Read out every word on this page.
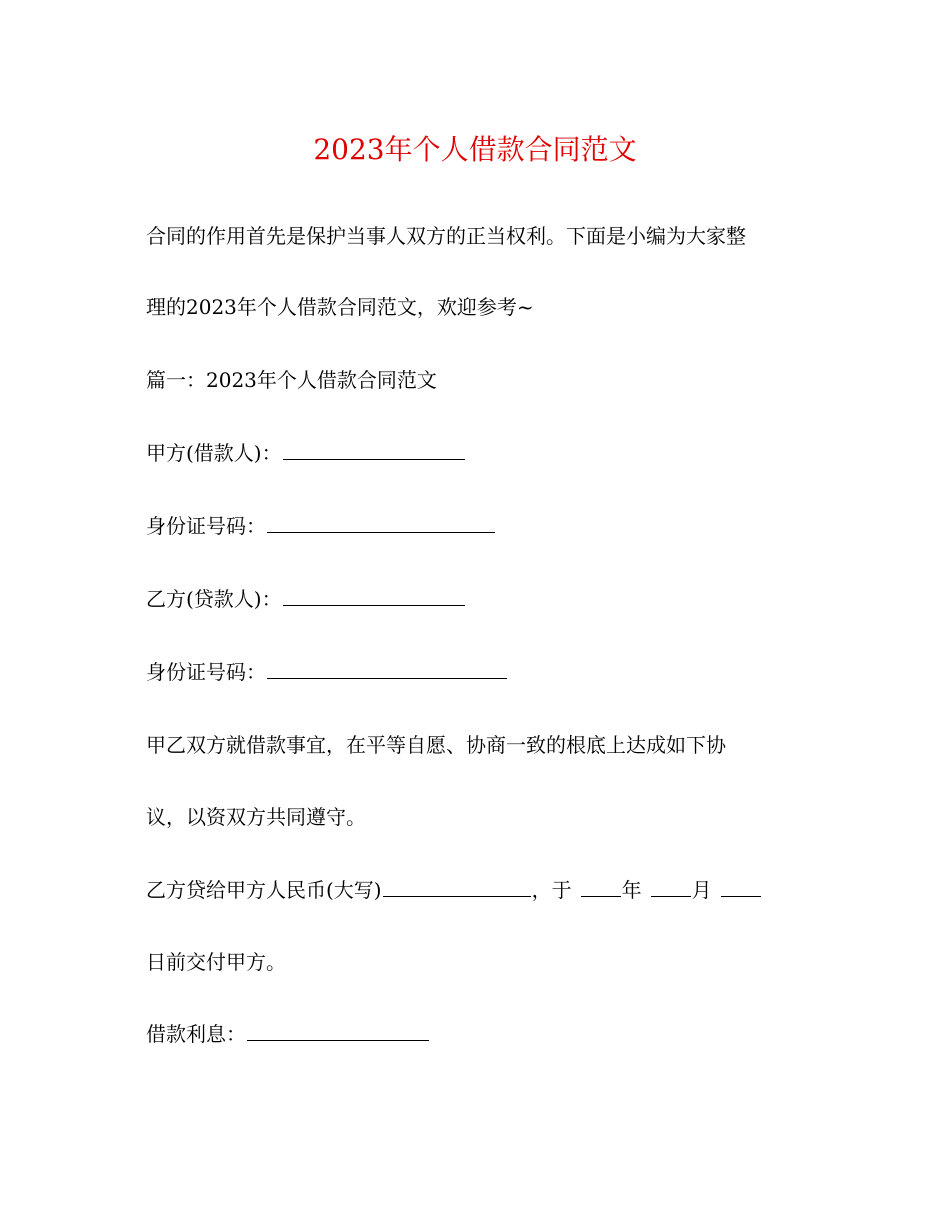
2023年个人借款合同范文
合同的作用首先是保护当事人双方的正当权利。下面是小编为大家整
理的2023年个人借款合同范文，欢迎参考~
篇一：2023年个人借款合同范文
甲方(借款人)：
身份证号码：
乙方(贷款人)：
身份证号码：
甲乙双方就借款事宜，在平等自愿、协商一致的根底上达成如下协
议，以资双方共同遵守。
乙方贷给甲方人民币(大写)	，于	年	月
日前交付甲方。
借款利息：
